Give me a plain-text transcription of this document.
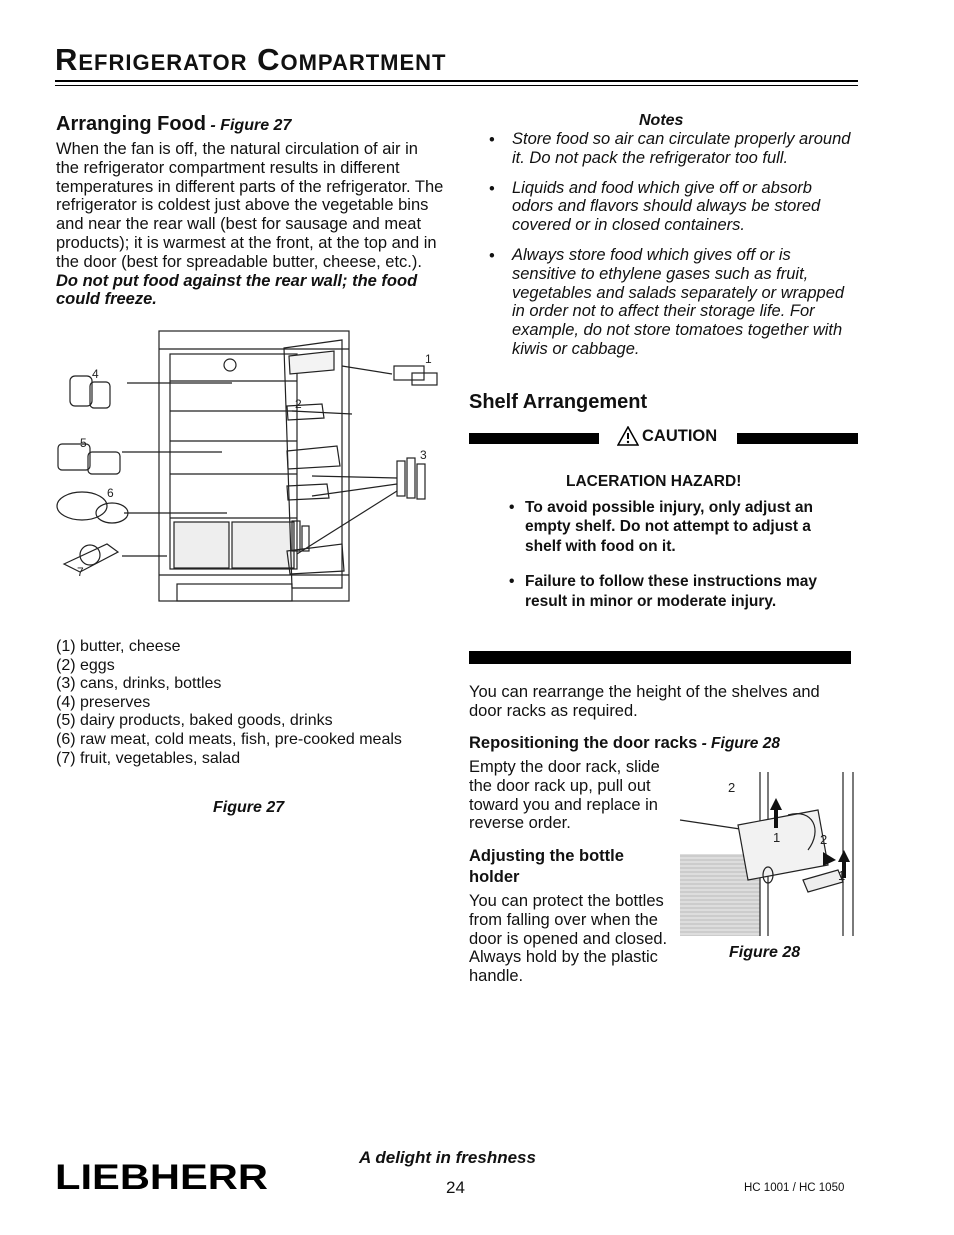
Refrigerator Compartment
Arranging Food - Figure 27
When the fan is off, the natural circulation of air in the refrigerator compartment results in different temperatures in different parts of the refrigerator. The refrigerator is coldest just above the vegetable bins and near the rear wall (best for sausage and meat products); it is warmest at the front, at the top and in the door (best for spreadable butter, cheese, etc.). Do not put food against the rear wall; the food could freeze.
4
5
6
7
1
2
3
(1) butter, cheese
(2) eggs
(3) cans, drinks, bottles
(4) preserves
(5) dairy products, baked goods, drinks
(6) raw meat, cold meats, fish, pre-cooked meals
(7) fruit, vegetables, salad
Figure 27
Notes
• Store food so air can circulate properly around it. Do not pack the refrigerator too full.
• Liquids and food which give off or absorb odors and flavors should always be stored covered or in closed containers.
• Always store food which gives off or is sensitive to ethylene gases such as fruit, vegetables and salads separately or wrapped in order not to affect their storage life. For example, do not store tomatoes together with kiwis or cabbage.
Shelf Arrangement
CAUTION
LACERATION HAZARD!
• To avoid possible injury, only adjust an empty shelf. Do not attempt to adjust a shelf with food on it.
• Failure to follow these instructions may result in minor or moderate injury.
You can rearrange the height of the shelves and door racks as required.
Repositioning the door racks - Figure 28
Empty the door rack, slide the door rack up, pull out toward you and replace in reverse order.
Adjusting the bottle holder
You can protect the bottles from falling over when the door is opened and closed. Always hold by the plastic handle.
2
1	2
1
Figure 28
LIEBHERR
A delight in freshness
24	HC 1001 / HC 1050
